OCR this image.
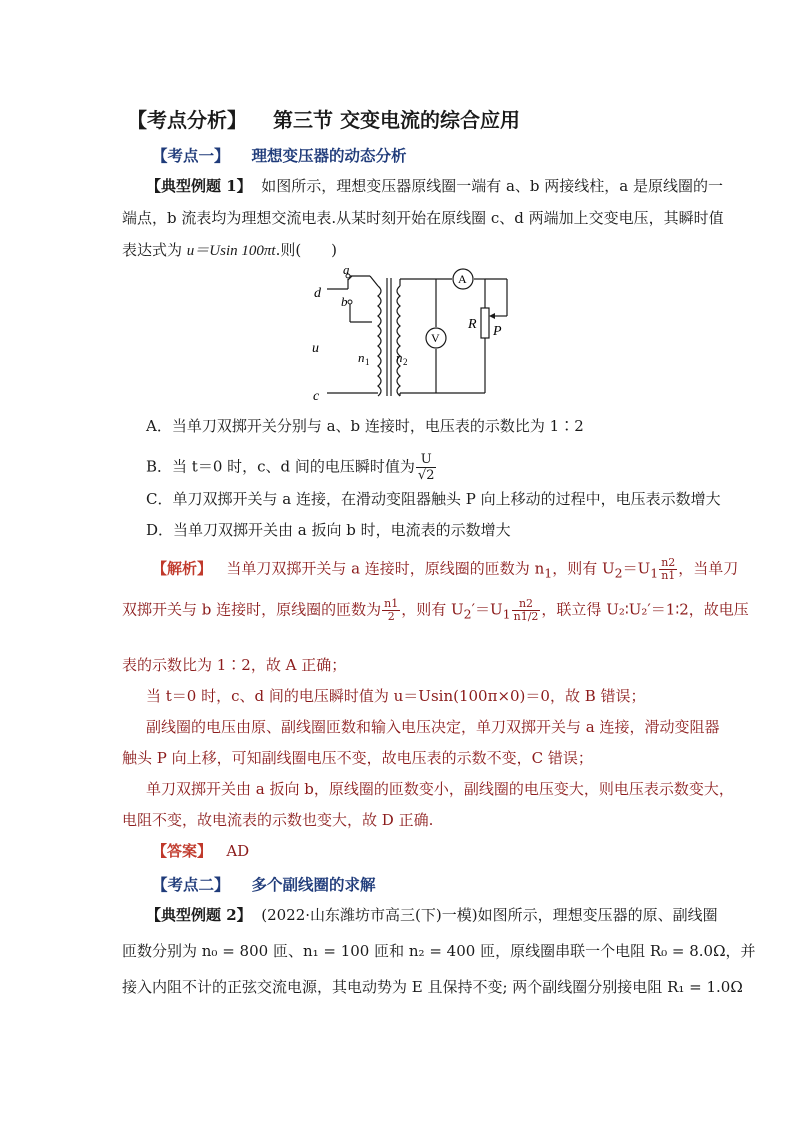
【考点分析】 第三节 交变电流的综合应用
【考点一】 理想变压器的动态分析
【典型例题 1】 如图所示，理想变压器原线圈一端有 a、b 两接线柱，a 是原线圈的一
端点，b 流表均为理想交流电表.从某时刻开始在原线圈 c、d 两端加上交变电压，其瞬时值
表达式为 u＝Usin 100πt.则(　　)
a
b
d
u
c
n 1 n 2
V
A
R P
A．当单刀双掷开关分别与 a、b 连接时，电压表的示数比为 1∶2
B．当 t＝0 时，c、d 间的电压瞬时值为 $\frac{U}{√2}$
C．单刀双掷开关与 a 连接，在滑动变阻器触头 P 向上移动的过程中，电压表示数增大
D．当单刀双掷开关由 a 扳向 b 时，电流表的示数增大
【解析】 当单刀双掷开关与 a 连接时，原线圈的匝数为 $n_1$，则有 $U_2=U_1 \frac{n2}{n1}$ ，当单刀
双掷开关与 b 连接时，原线圈的匝数为 $\frac{n1}{2}$ ，则有 $U_2'=U_1 \frac{n2}{n1/2}$ ，联立得 U₂∶U₂′＝1∶2，故电压
表的示数比为 1∶2，故 A 正确；
当 t＝0 时，c、d 间的电压瞬时值为 u＝Usin(100π×0)＝0，故 B 错误；
副线圈的电压由原、副线圈匝数和输入电压决定，单刀双掷开关与 a 连接，滑动变阻器
触头 P 向上移，可知副线圈电压不变，故电压表的示数不变，C 错误；
单刀双掷开关由 a 扳向 b，原线圈的匝数变小，副线圈的电压变大，则电压表示数变大，
电阻不变，故电流表的示数也变大，故 D 正确.
【答案】 AD
【考点二】 多个副线圈的求解
【典型例题 2】 (2022·山东潍坊市高三(下)一模)如图所示，理想变压器的原、副线圈
匝数分别为 n₀ = 800 匝、n₁ = 100 匝和 n₂ = 400 匝，原线圈串联一个电阻 R₀ = 8.0Ω，并
接入内阻不计的正弦交流电源，其电动势为 E 且保持不变; 两个副线圈分别接电阻 R₁ = 1.0Ω
